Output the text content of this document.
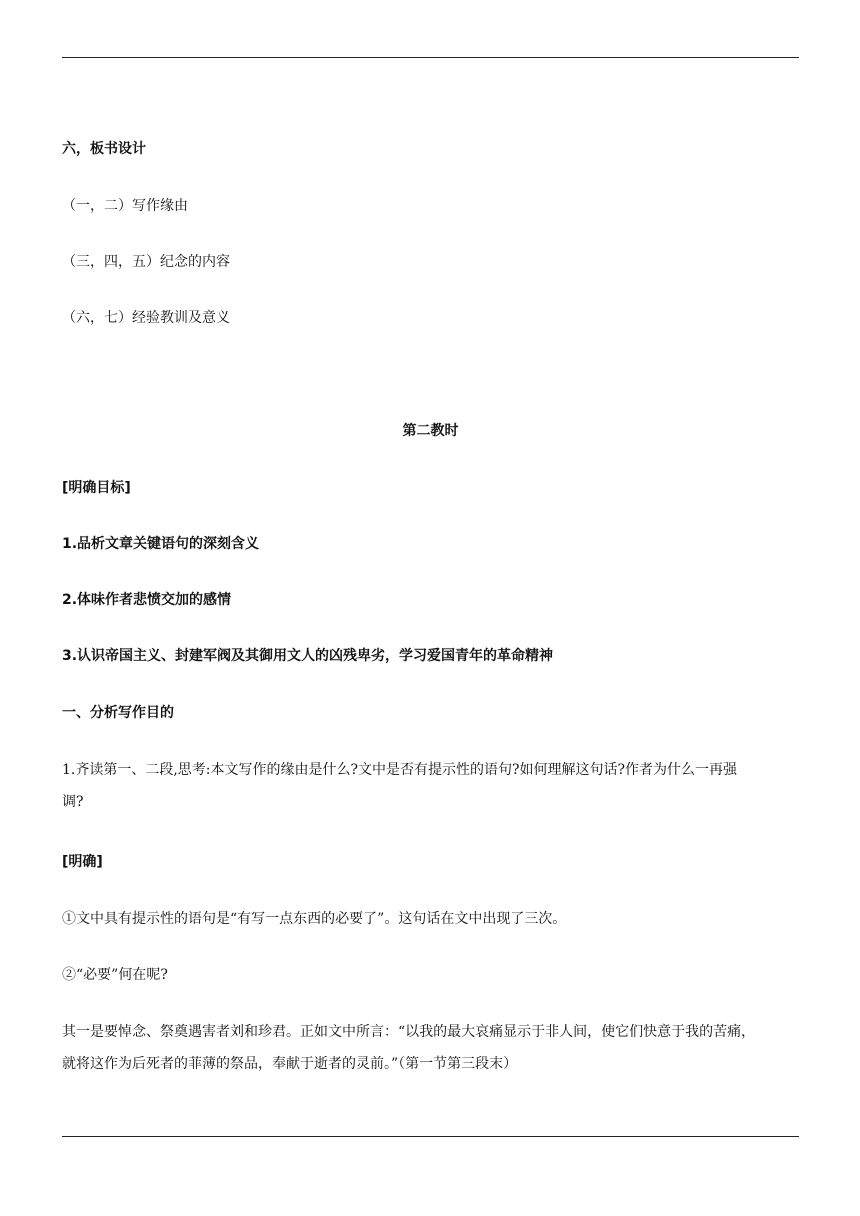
六，板书设计
（一，二）写作缘由
（三，四，五）纪念的内容
（六，七）经验教训及意义
第二教时
[明确目标]
1.品析文章关键语句的深刻含义
2.体味作者悲愤交加的感情
3.认识帝国主义、封建军阀及其御用文人的凶残卑劣，学习爱国青年的革命精神
一、分析写作目的
1.齐读第一、二段,思考:本文写作的缘由是什么?文中是否有提示性的语句?如何理解这句话?作者为什么一再强
调?
[明确]
①文中具有提示性的语句是“有写一点东西的必要了”。这句话在文中出现了三次。
②“必要”何在呢?
其一是要悼念、祭奠遇害者刘和珍君。正如文中所言：“以我的最大哀痛显示于非人间，使它们快意于我的苦痛，
就将这作为后死者的菲薄的祭品，奉献于逝者的灵前。”（第一节第三段末）
